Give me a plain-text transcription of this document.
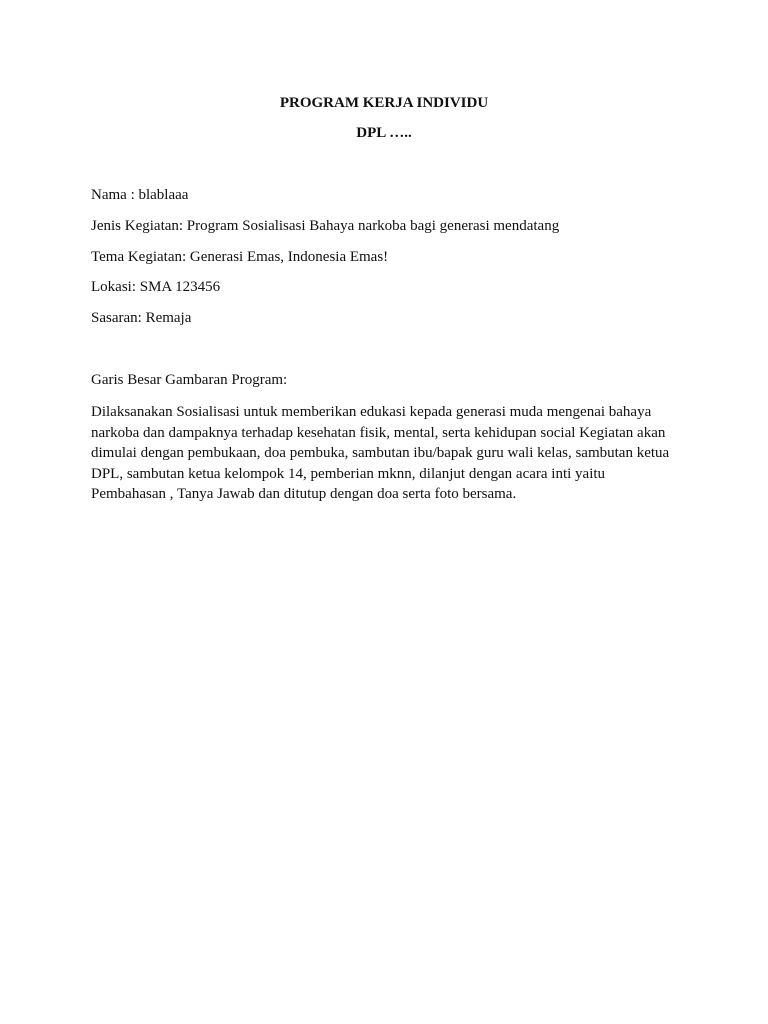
PROGRAM KERJA INDIVIDU

DPL …..

Nama : blablaaa

Jenis Kegiatan: Program Sosialisasi Bahaya narkoba bagi generasi mendatang

Tema Kegiatan: Generasi Emas, Indonesia Emas!

Lokasi: SMA 123456

Sasaran: Remaja

Garis Besar Gambaran Program:

Dilaksanakan Sosialisasi untuk memberikan edukasi kepada generasi muda mengenai bahaya
narkoba dan dampaknya terhadap kesehatan fisik, mental, serta kehidupan social Kegiatan akan
dimulai dengan pembukaan, doa pembuka, sambutan ibu/bapak guru wali kelas, sambutan ketua
DPL, sambutan ketua kelompok 14, pemberian mknn, dilanjut dengan acara inti yaitu
Pembahasan , Tanya Jawab dan ditutup dengan doa serta foto bersama.
